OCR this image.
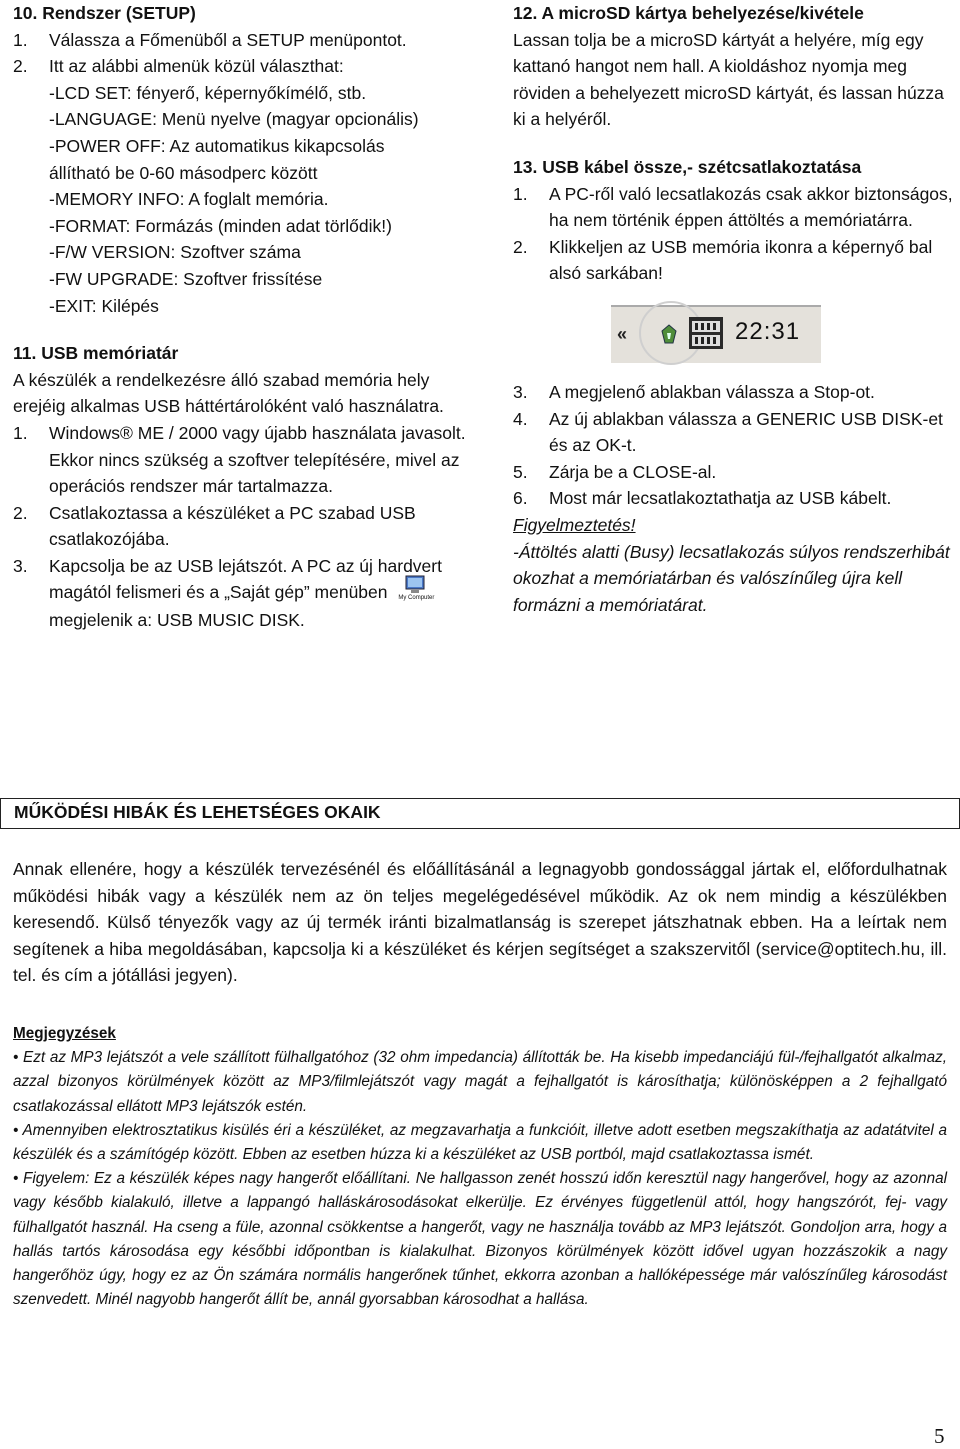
10. Rendszer (SETUP)

1. Válassza a Főmenüből a SETUP menüpontot.
2. Itt az alábbi almenük közül választhat:
-LCD SET: fényerő, képernyőkímélő, stb.
-LANGUAGE: Menü nyelve (magyar opcionális)
-POWER OFF: Az automatikus kikapcsolás
állítható be 0-60 másodperc között
-MEMORY INFO: A foglalt memória.
-FORMAT: Formázás (minden adat törlődik!)
-F/W VERSION: Szoftver száma
-FW UPGRADE: Szoftver frissítése
-EXIT: Kilépés

11. USB memóriatár

A készülék a rendelkezésre álló szabad memória hely erejéig alkalmas USB háttértárolóként való használatra.

1. Windows® ME / 2000 vagy újabb használata javasolt. Ekkor nincs szükség a szoftver telepítésére, mivel az operációs rendszer már tartalmazza.
2. Csatlakoztassa a készüléket a PC szabad USB csatlakozójába.
3. Kapcsolja be az USB lejátszót. A PC az új hardvert magától felismeri és a „Saját gép” menüben	My Computer
megjelenik a: USB MUSIC DISK.

12. A microSD kártya behelyezése/kivétele

Lassan tolja be a microSD kártyát a helyére, míg egy kattanó hangot nem hall. A kioldáshoz nyomja meg röviden a behelyezett microSD kártyát, és lassan húzza ki a helyéről.

13. USB kábel össze,- szétcsatlakoztatása

1. A PC-ről való lecsatlakozás csak akkor biztonságos, ha nem történik éppen áttöltés a memóriatárra.
2. Klikkeljen az USB memória ikonra a képernyő bal alsó sarkában!
«	22:31
3. A megjelenő ablakban válassza a Stop-ot.
4. Az új ablakban válassza a GENERIC USB DISK-et és az OK-t.
5. Zárja be a CLOSE-al.
6. Most már lecsatlakoztathatja az USB kábelt.

Figyelmeztetés!

-Áttöltés alatti (Busy) lecsatlakozás súlyos rendszerhibát okozhat a memóriatárban és valószínűleg újra kell formázni a memóriatárat.

MŰKÖDÉSI HIBÁK ÉS LEHETSÉGES OKAIK

Annak ellenére, hogy a készülék tervezésénél és előállításánál a legnagyobb gondossággal jártak el, előfordulhatnak működési hibák vagy a készülék nem az ön teljes megelégedésével működik. Az ok nem mindig a készülékben keresendő. Külső tényezők vagy az új termék iránti bizalmatlanság is szerepet játszhatnak ebben. Ha a leírtak nem segítenek a hiba megoldásában, kapcsolja ki a készüléket és kérjen segítséget a szakszervitől (service@optitech.hu, ill. tel. és cím a jótállási jegyen).

Megjegyzések

• Ezt az MP3 lejátszót a vele szállított fülhallgatóhoz (32 ohm impedancia) állították be. Ha kisebb impedanciájú fül-/fejhallgatót alkalmaz, azzal bizonyos körülmények között az MP3/filmlejátszót vagy magát a fejhallgatót is károsíthatja; különösképpen a 2 fejhallgató csatlakozással ellátott MP3 lejátszók estén.

• Amennyiben elektrosztatikus kisülés éri a készüléket, az megzavarhatja a funkcióit, illetve adott esetben megszakíthatja az adatátvitel a készülék és a számítógép között. Ebben az esetben húzza ki a készüléket az USB portból, majd csatlakoztassa ismét.

• Figyelem: Ez a készülék képes nagy hangerőt előállítani. Ne hallgasson zenét hosszú időn keresztül nagy hangerővel, hogy az azonnal vagy később kialakuló, illetve a lappangó halláskárosodásokat elkerülje. Ez érvényes függetlenül attól, hogy hangszórót, fej- vagy fülhallgatót használ. Ha cseng a füle, azonnal csökkentse a hangerőt, vagy ne használja tovább az MP3 lejátszót. Gondoljon arra, hogy a hallás tartós károsodása egy későbbi időpontban is kialakulhat. Bizonyos körülmények között idővel ugyan hozzászokik a nagy hangerőhöz úgy, hogy ez az Ön számára normális hangerőnek tűnhet, ekkorra azonban a hallóképessége már valószínűleg károsodást szenvedett. Minél nagyobb hangerőt állít be, annál gyorsabban károsodhat a hallása.

5
